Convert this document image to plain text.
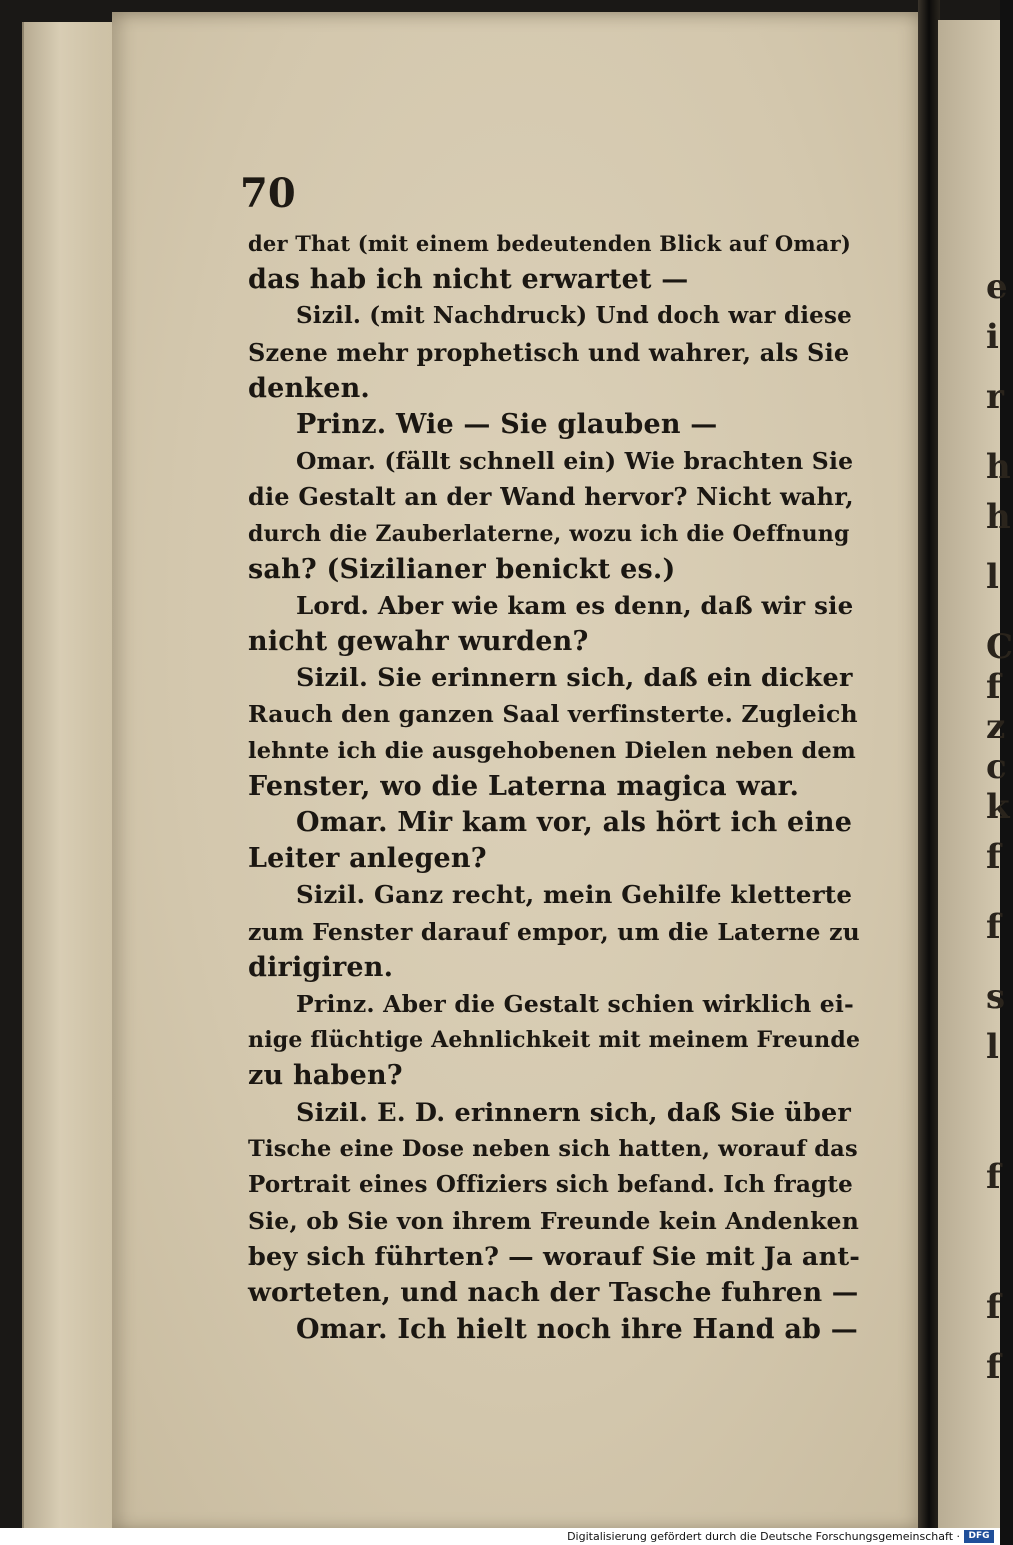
e
i
r
h
h
l
C
f
z
c
k
f
f
s
l
f
f
f
70
der That (mit einem bedeutenden Blick auf Omar)
das hab ich nicht erwartet —
Sizil. (mit Nachdruck) Und doch war diese
Szene mehr prophetisch und wahrer, als Sie
denken.
Prinz. Wie — Sie glauben —
Omar. (fällt schnell ein) Wie brachten Sie
die Gestalt an der Wand hervor? Nicht wahr,
durch die Zauberlaterne, wozu ich die Oeffnung
sah? (Sizilianer benickt es.)
Lord. Aber wie kam es denn, daß wir sie
nicht gewahr wurden?
Sizil. Sie erinnern sich, daß ein dicker
Rauch den ganzen Saal verfinsterte. Zugleich
lehnte ich die ausgehobenen Dielen neben dem
Fenster, wo die Laterna magica war.
Omar. Mir kam vor, als hört ich eine
Leiter anlegen?
Sizil. Ganz recht, mein Gehilfe kletterte
zum Fenster darauf empor, um die Laterne zu
dirigiren.
Prinz. Aber die Gestalt schien wirklich ei-
nige flüchtige Aehnlichkeit mit meinem Freunde
zu haben?
Sizil. E. D. erinnern sich, daß Sie über
Tische eine Dose neben sich hatten, worauf das
Portrait eines Offiziers sich befand. Ich fragte
Sie, ob Sie von ihrem Freunde kein Andenken
bey sich führten? — worauf Sie mit Ja ant-
worteten, und nach der Tasche fuhren —
Omar. Ich hielt noch ihre Hand ab —
Digitalisierung gefördert durch die Deutsche Forschungsgemeinschaft · DFG
